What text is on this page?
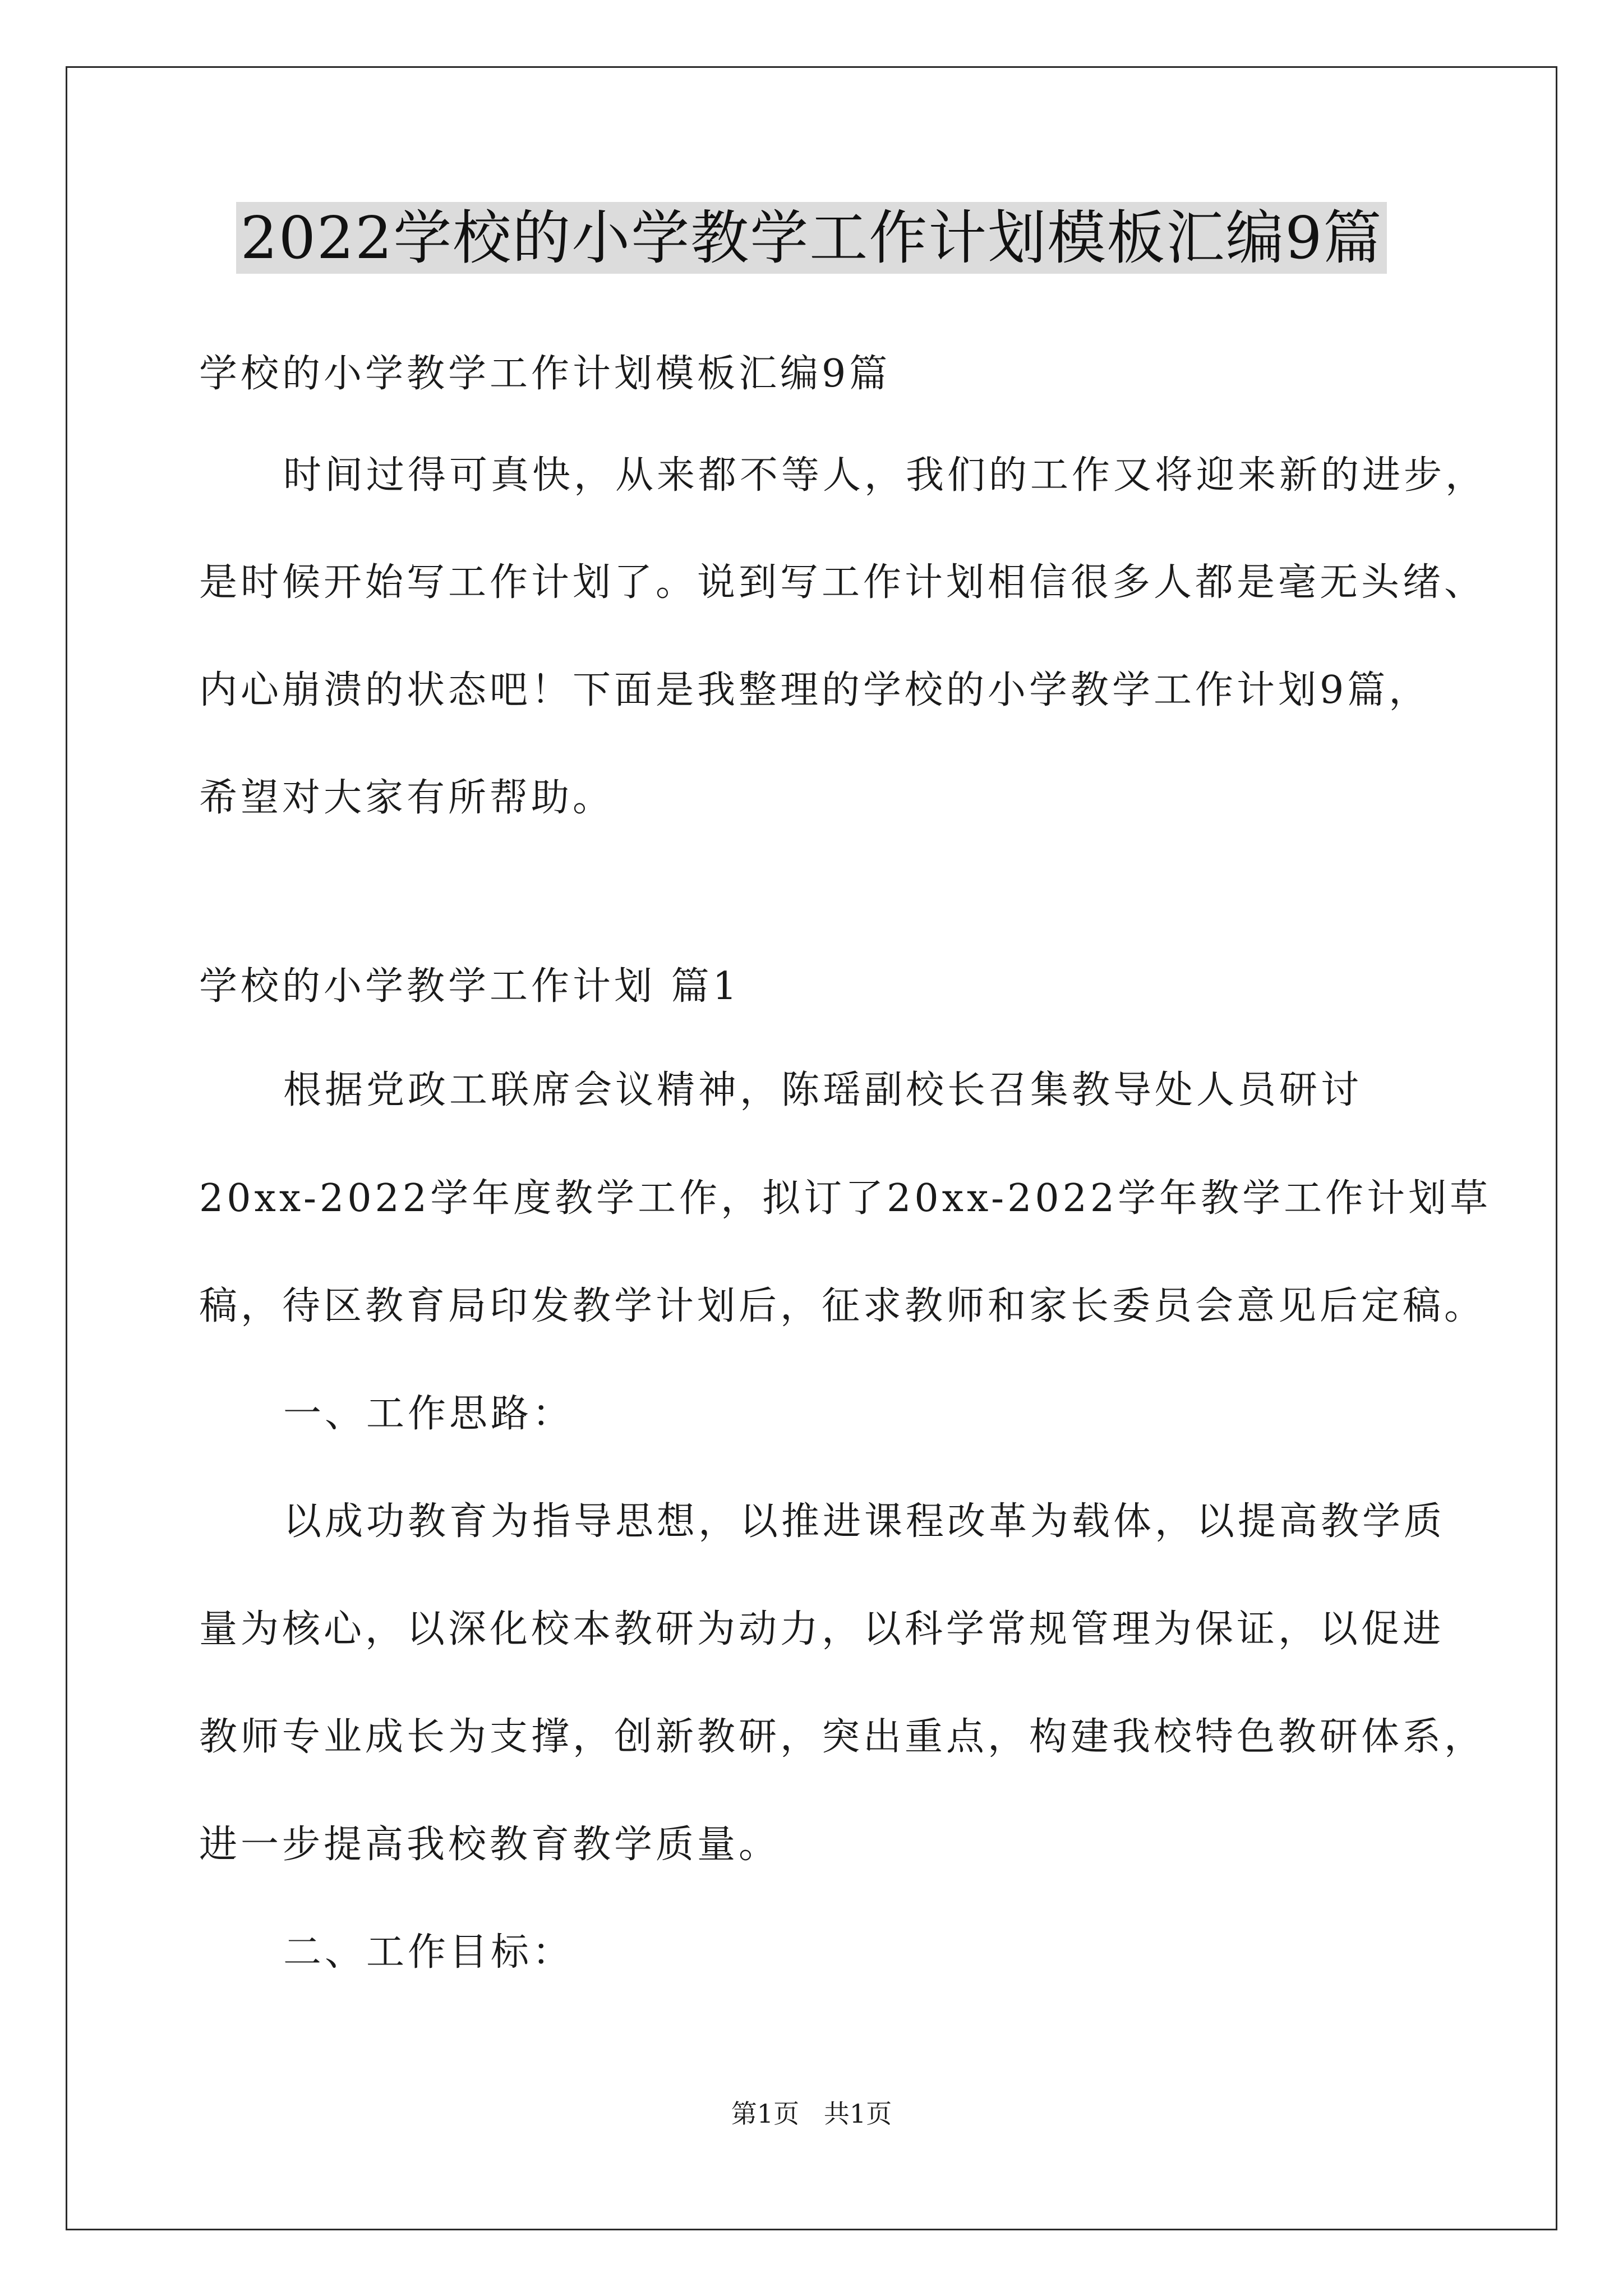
2022学校的小学教学工作计划模板汇编9篇
学校的小学教学工作计划模板汇编9篇
时间过得可真快，从来都不等人，我们的工作又将迎来新的进步，
是时候开始写工作计划了。说到写工作计划相信很多人都是毫无头绪、
内心崩溃的状态吧！下面是我整理的学校的小学教学工作计划9篇，
希望对大家有所帮助。
学校的小学教学工作计划 篇1
根据党政工联席会议精神，陈瑶副校长召集教导处人员研讨
20xx-2022学年度教学工作，拟订了20xx-2022学年教学工作计划草
稿，待区教育局印发教学计划后，征求教师和家长委员会意见后定稿。
一、工作思路：
以成功教育为指导思想，以推进课程改革为载体，以提高教学质
量为核心，以深化校本教研为动力，以科学常规管理为保证，以促进
教师专业成长为支撑，创新教研，突出重点，构建我校特色教研体系，
进一步提高我校教育教学质量。
二、工作目标：
第1页   共1页
